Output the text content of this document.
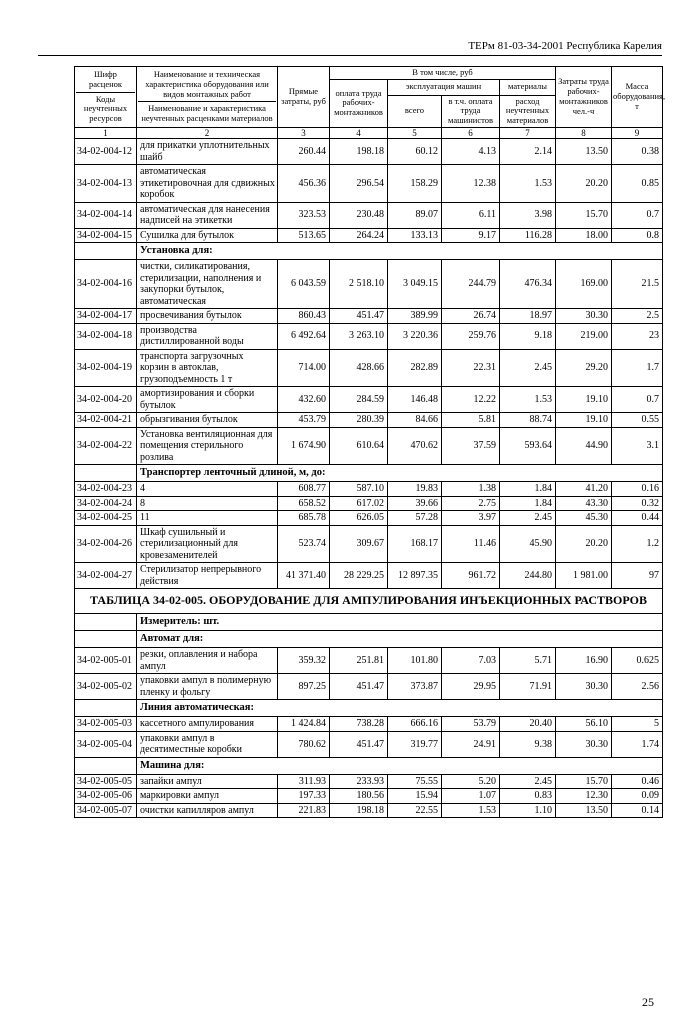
ТЕРм 81-03-34-2001 Республика Карелия
Шифр расценок
Коды неучтенных ресурсов

Наименование и техническая характеристика оборудования или видов монтажных работ
Наименование и характеристика неучтенных расценками материалов
	Прямые затраты, руб	В том числе, руб	Затраты труда рабочих-монтажников чел.-ч	Масса оборудования, т
			оплата труда рабочих-монтажников	эксплуатация машин		материалы		
				всего	в т.ч. оплата труда машинистов	расход неучтенных материалов		
1	2	3	4	5	6	7	8	9
34-02-004-12	для прикатки уплотнительных шайб	260.44	198.18	60.12	4.13	2.14	13.50	0.38
34-02-004-13	автоматическая этикетировочная для сдвижных коробок	456.36	296.54	158.29	12.38	1.53	20.20	0.85
34-02-004-14	автоматическая для нанесения надписей на этикетки	323.53	230.48	89.07	6.11	3.98	15.70	0.7
34-02-004-15	Сушилка для бутылок	513.65	264.24	133.13	9.17	116.28	18.00	0.8
	Установка для:							
34-02-004-16	чистки, силикатирования, стерилизации, наполнения и закупорки бутылок, автоматическая	6 043.59	2 518.10	3 049.15	244.79	476.34	169.00	21.5
34-02-004-17	просвечивания бутылок	860.43	451.47	389.99	26.74	18.97	30.30	2.5
34-02-004-18	производства дистиллированной воды	6 492.64	3 263.10	3 220.36	259.76	9.18	219.00	23
34-02-004-19	транспорта загрузочных корзин в автоклав, грузоподъемность 1 т	714.00	428.66	282.89	22.31	2.45	29.20	1.7
34-02-004-20	амортизирования и сборки бутылок	432.60	284.59	146.48	12.22	1.53	19.10	0.7
34-02-004-21	обрызгивания бутылок	453.79	280.39	84.66	5.81	88.74	19.10	0.55
34-02-004-22	Установка вентиляционная для помещения стерильного розлива	1 674.90	610.64	470.62	37.59	593.64	44.90	3.1
	Транспортер ленточный длиной, м, до:							
34-02-004-23	4	608.77	587.10	19.83	1.38	1.84	41.20	0.16
34-02-004-24	8	658.52	617.02	39.66	2.75	1.84	43.30	0.32
34-02-004-25	11	685.78	626.05	57.28	3.97	2.45	45.30	0.44
34-02-004-26	Шкаф сушильный и стерилизационный для кровезаменителей	523.74	309.67	168.17	11.46	45.90	20.20	1.2
34-02-004-27	Стерилизатор непрерывного действия	41 371.40	28 229.25	12 897.35	961.72	244.80	1 981.00	97
ТАБЛИЦА 34-02-005. ОБОРУДОВАНИЕ ДЛЯ АМПУЛИРОВАНИЯ ИНЪЕКЦИОННЫХ РАСТВОРОВ								
	Измеритель: шт.							
	Автомат для:							
34-02-005-01	резки, оплавления и набора ампул	359.32	251.81	101.80	7.03	5.71	16.90	0.625
34-02-005-02	упаковки ампул в полимерную пленку и фольгу	897.25	451.47	373.87	29.95	71.91	30.30	2.56
	Линия автоматическая:							
34-02-005-03	кассетного ампулирования	1 424.84	738.28	666.16	53.79	20.40	56.10	5
34-02-005-04	упаковки ампул в десятиместные коробки	780.62	451.47	319.77	24.91	9.38	30.30	1.74
	Машина для:							
34-02-005-05	запайки ампул	311.93	233.93	75.55	5.20	2.45	15.70	0.46
34-02-005-06	маркировки ампул	197.33	180.56	15.94	1.07	0.83	12.30	0.09
34-02-005-07	очистки капилляров ампул	221.83	198.18	22.55	1.53	1.10	13.50	0.14
25
